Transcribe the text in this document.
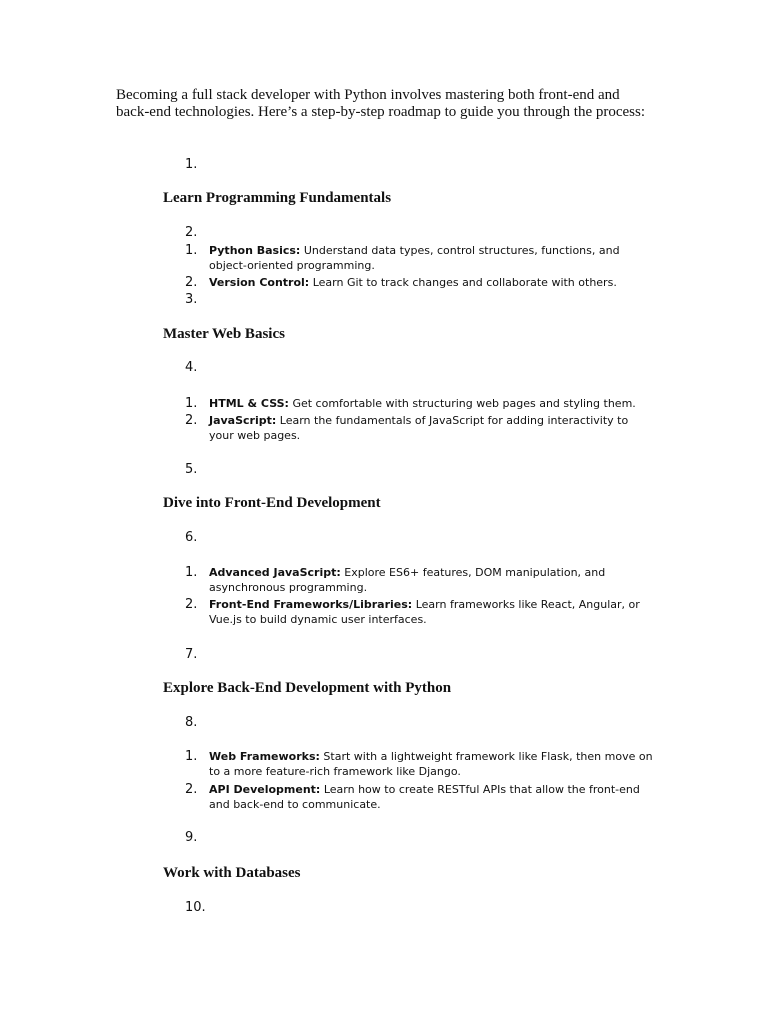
Becoming a full stack developer with Python involves mastering both front-end and back-end technologies. Here’s a step-by-step roadmap to guide you through the process:

1.
Learn Programming Fundamentals
2.
1. Python Basics: Understand data types, control structures, functions, and object-oriented programming.
2. Version Control: Learn Git to track changes and collaborate with others.
3.
Master Web Basics
4.
1. HTML & CSS: Get comfortable with structuring web pages and styling them.
2. JavaScript: Learn the fundamentals of JavaScript for adding interactivity to your web pages.
5.
Dive into Front-End Development
6.
1. Advanced JavaScript: Explore ES6+ features, DOM manipulation, and asynchronous programming.
2. Front-End Frameworks/Libraries: Learn frameworks like React, Angular, or Vue.js to build dynamic user interfaces.
7.
Explore Back-End Development with Python
8.
1. Web Frameworks: Start with a lightweight framework like Flask, then move on to a more feature-rich framework like Django.
2. API Development: Learn how to create RESTful APIs that allow the front-end and back-end to communicate.
9.
Work with Databases
10.
